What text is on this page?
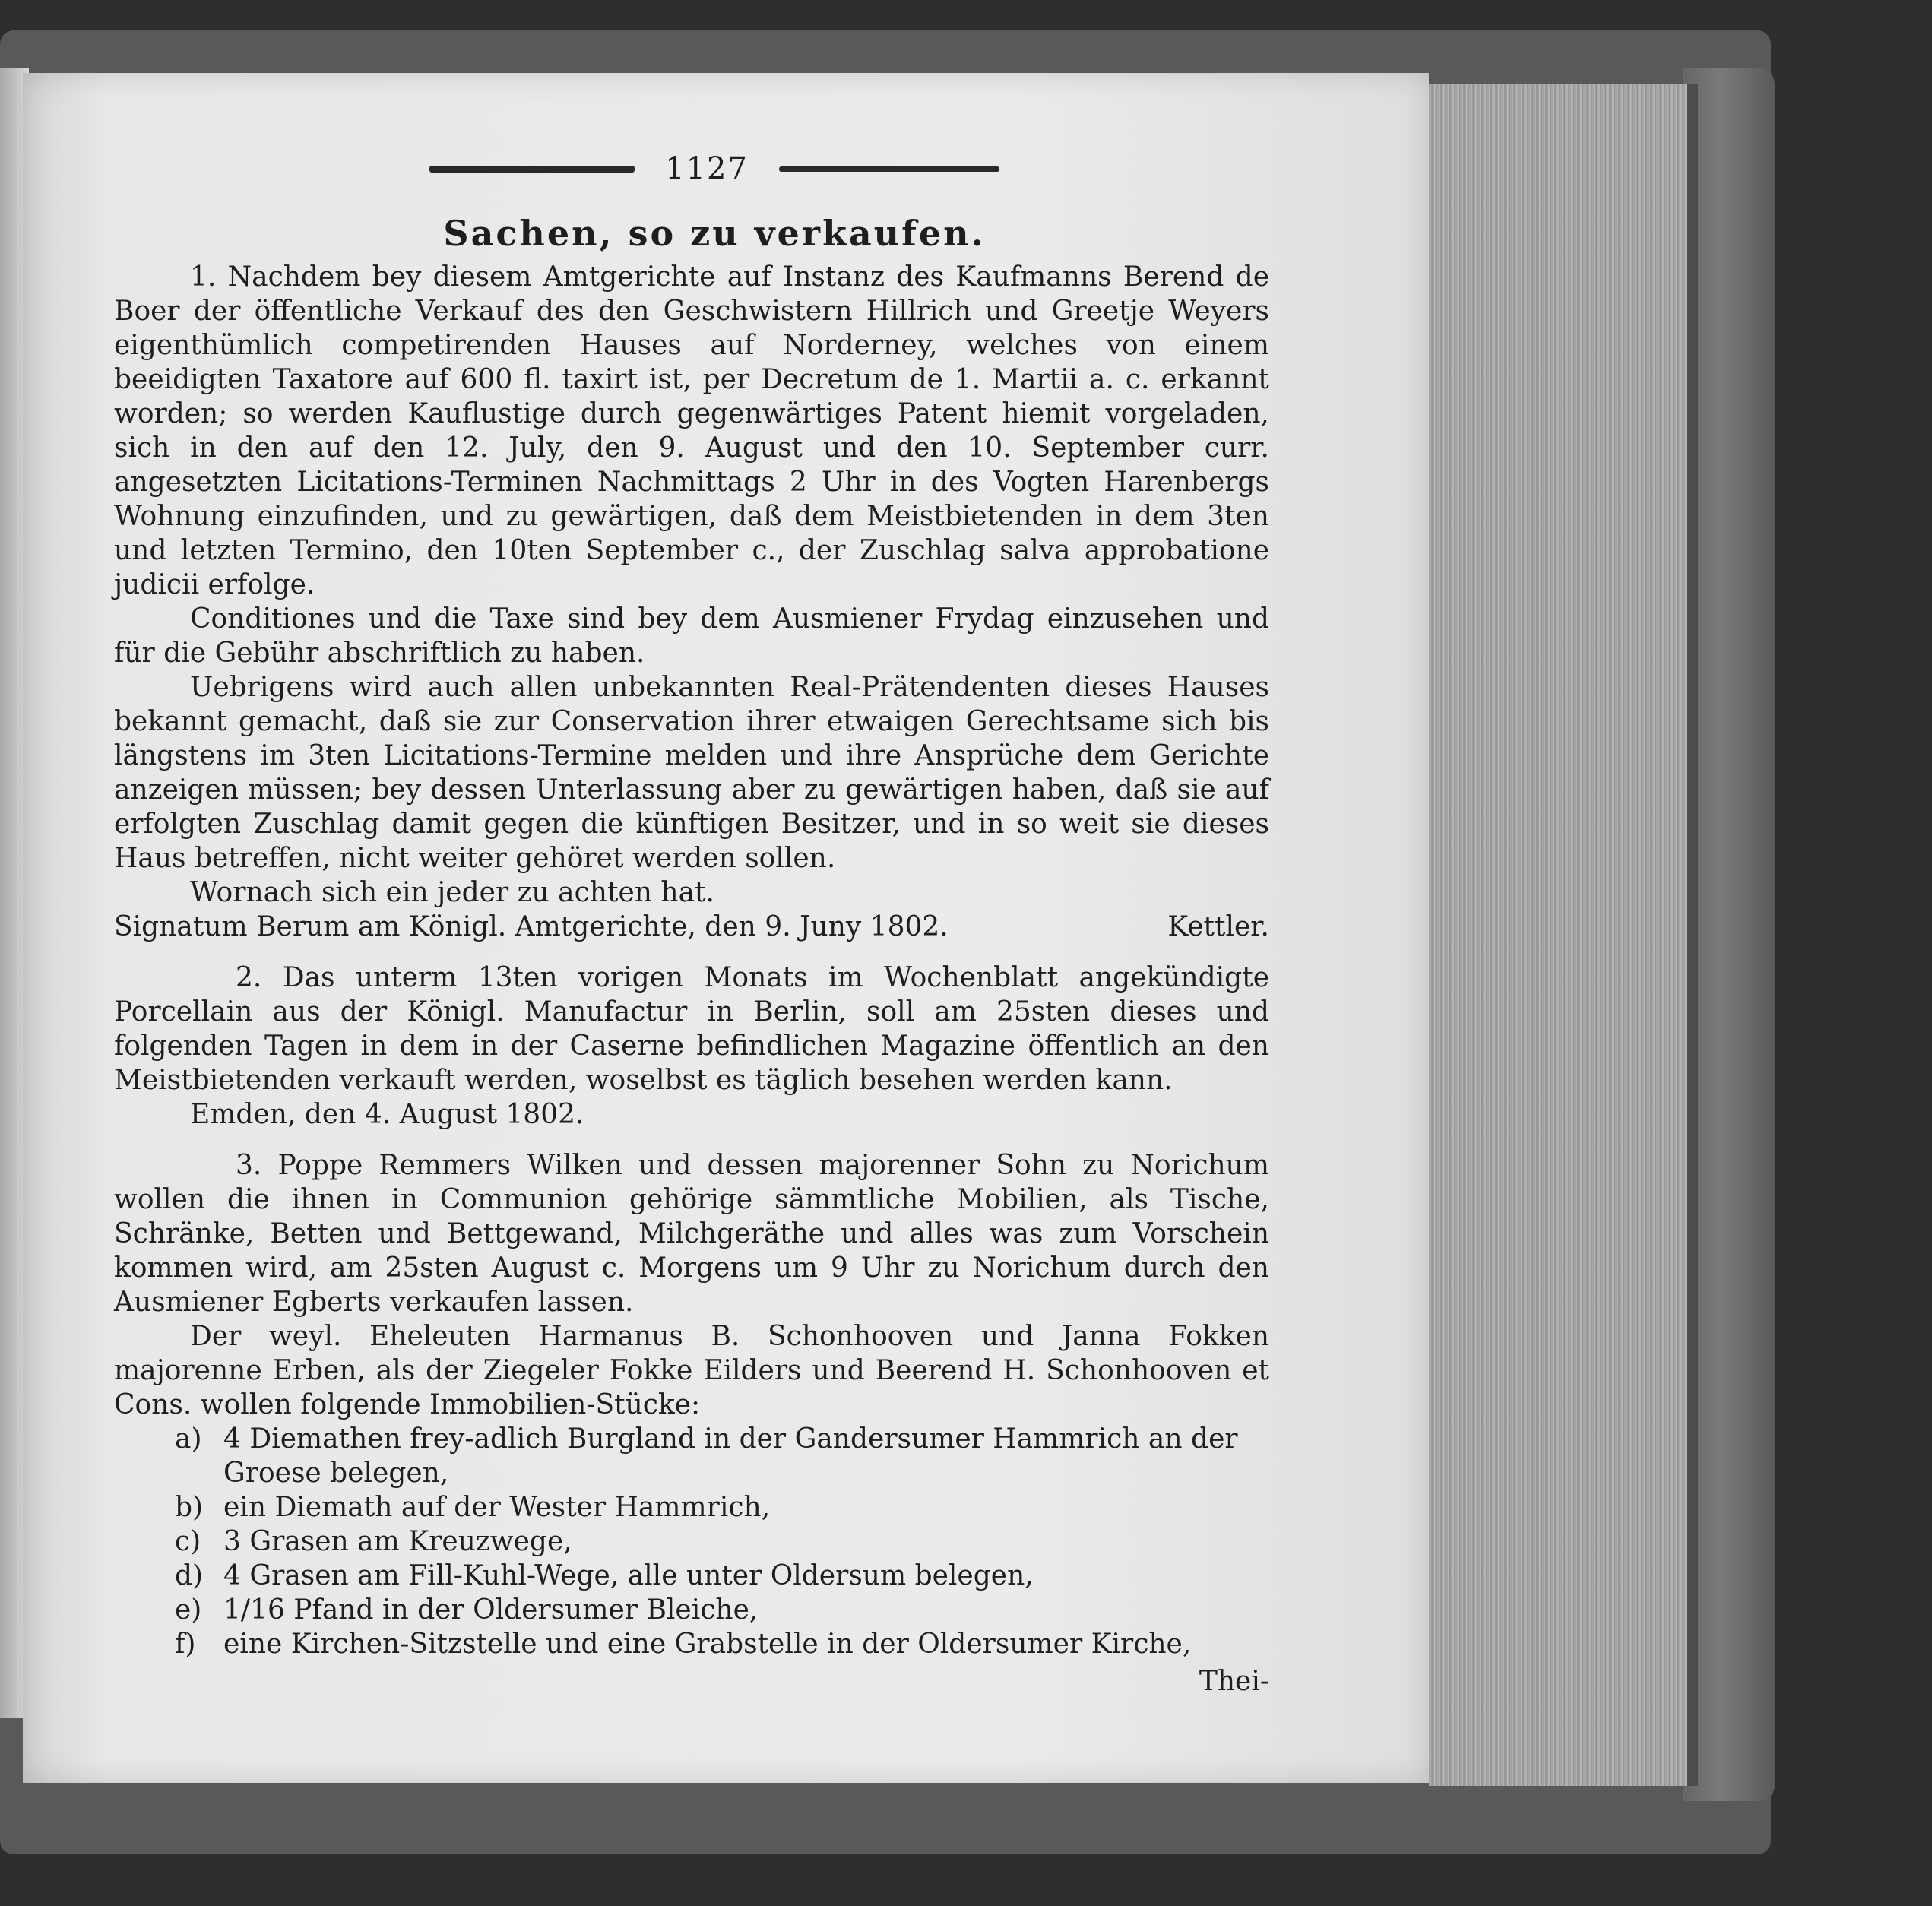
1127
Sachen, so zu verkaufen.

1. Nachdem bey diesem Amtgerichte auf Instanz des Kaufmanns Berend de Boer der öffentliche Verkauf des den Geschwistern Hillrich und Greetje Weyers eigenthümlich competirenden Hauses auf Norderney, welches von einem beeidigten Taxatore auf 600 fl. taxirt ist, per Decretum de 1. Martii a. c. erkannt worden; so werden Kauflustige durch gegenwärtiges Patent hiemit vorgeladen, sich in den auf den 12. July, den 9. August und den 10. September curr. angesetzten Licitations-Terminen Nachmittags 2 Uhr in des Vogten Harenbergs Wohnung einzufinden, und zu gewärtigen, daß dem Meistbietenden in dem 3ten und letzten Termino, den 10ten September c., der Zuschlag salva approbatione judicii erfolge.

Conditiones und die Taxe sind bey dem Ausmiener Frydag einzusehen und für die Gebühr abschriftlich zu haben.

Uebrigens wird auch allen unbekannten Real-Prätendenten dieses Hauses bekannt gemacht, daß sie zur Conservation ihrer etwaigen Gerechtsame sich bis längstens im 3ten Licitations-Termine melden und ihre Ansprüche dem Gerichte anzeigen müssen; bey dessen Unterlassung aber zu gewärtigen haben, daß sie auf erfolgten Zuschlag damit gegen die künftigen Besitzer, und in so weit sie dieses Haus betreffen, nicht weiter gehöret werden sollen.

Wornach sich ein jeder zu achten hat.

Signatum Berum am Königl. Amtgerichte, den 9. Juny 1802.	Kettler.

2. Das unterm 13ten vorigen Monats im Wochenblatt angekündigte Porcellain aus der Königl. Manufactur in Berlin, soll am 25sten dieses und folgenden Tagen in dem in der Caserne befindlichen Magazine öffentlich an den Meistbietenden verkauft werden, woselbst es täglich besehen werden kann.

Emden, den 4. August 1802.

3. Poppe Remmers Wilken und dessen majorenner Sohn zu Norichum wollen die ihnen in Communion gehörige sämmtliche Mobilien, als Tische, Schränke, Betten und Bettgewand, Milchgeräthe und alles was zum Vorschein kommen wird, am 25sten August c. Morgens um 9 Uhr zu Norichum durch den Ausmiener Egberts verkaufen lassen.

Der weyl. Eheleuten Harmanus B. Schonhooven und Janna Fokken majorenne Erben, als der Ziegeler Fokke Eilders und Beerend H. Schonhooven et Cons. wollen folgende Immobilien-Stücke:

a) 4 Diemathen frey-adlich Burgland in der Gandersumer Hammrich an der Groese belegen,
b) ein Diemath auf der Wester Hammrich,
c) 3 Grasen am Kreuzwege,
d) 4 Grasen am Fill-Kuhl-Wege, alle unter Oldersum belegen,
e) 1/16 Pfand in der Oldersumer Bleiche,
f)	eine Kirchen-Sitzstelle und eine Grabstelle in der Oldersumer Kirche,
Thei-
